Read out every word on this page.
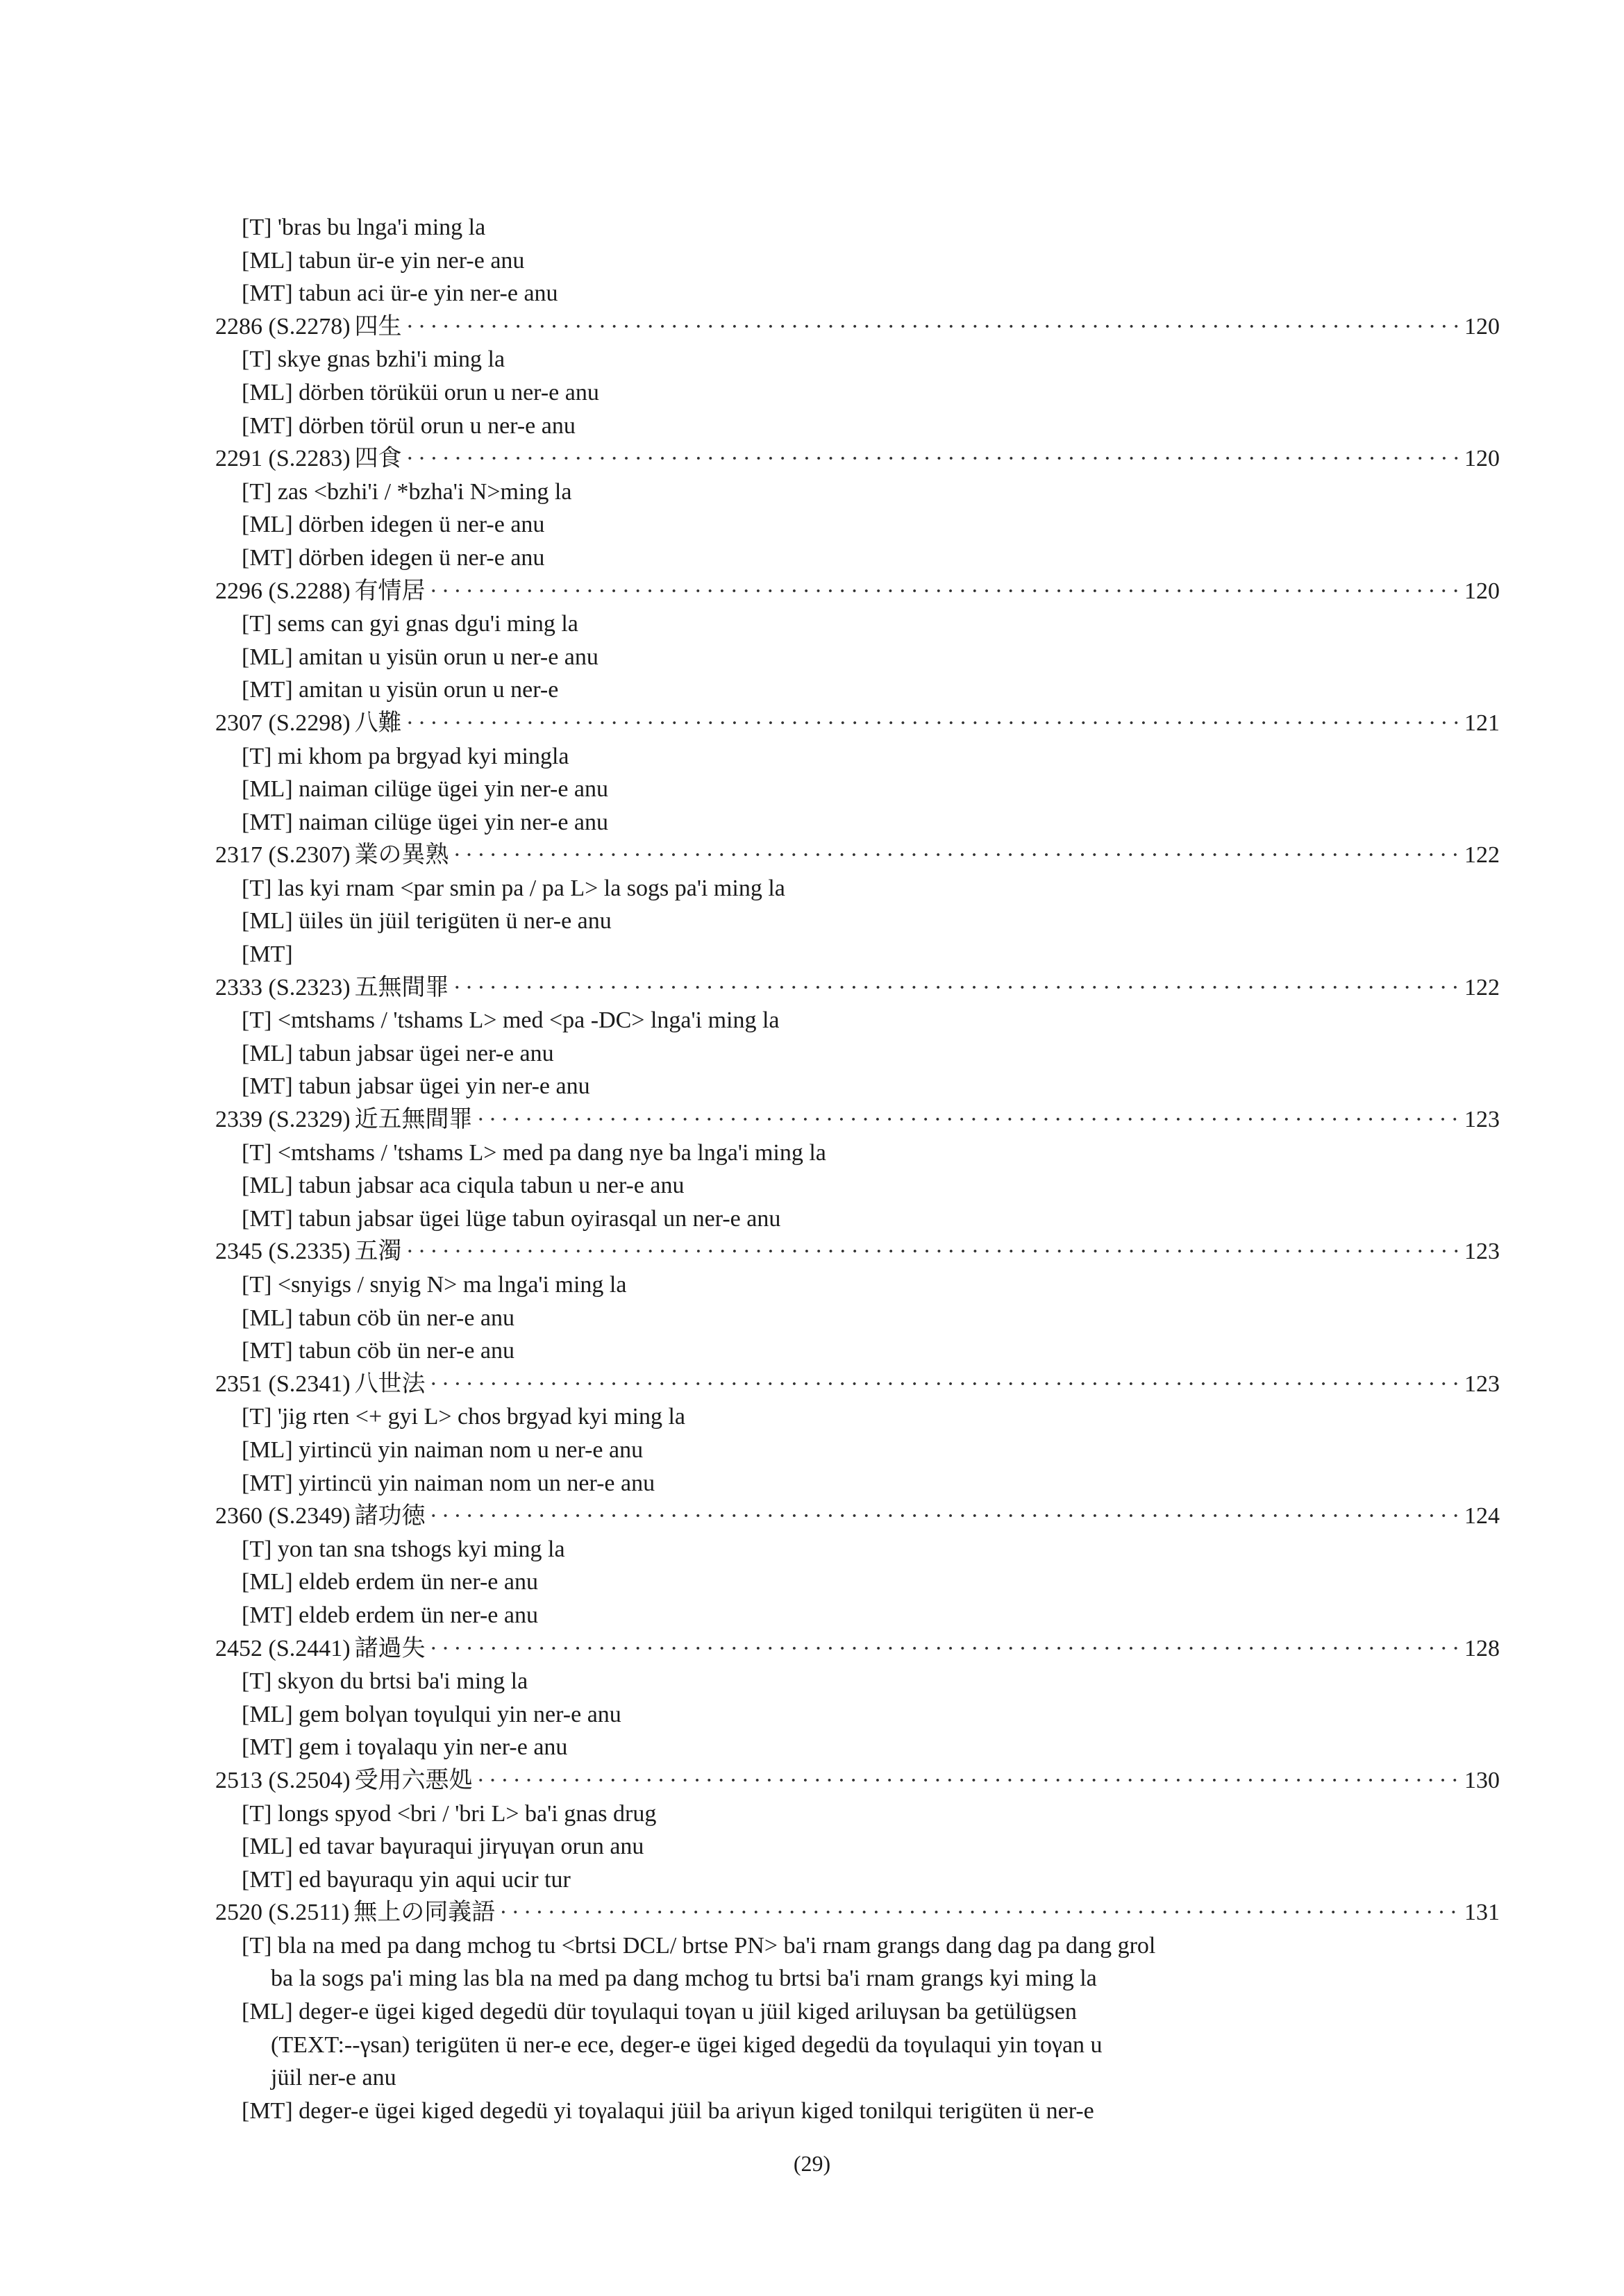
[T] 'bras bu lnga'i ming la
[ML] tabun ür-e yin ner-e anu
[MT] tabun aci ür-e yin ner-e anu
2286 (S.2278) 四生 ·····	120
[T] skye gnas bzhi'i ming la
[ML] dörben törüküi orun u ner-e anu
[MT] dörben törül orun u ner-e anu
2291 (S.2283) 四食 ·····	120
[T] zas <bzhi'i / *bzha'i N>ming la
[ML] dörben idegen ü ner-e anu
[MT] dörben idegen ü ner-e anu
2296 (S.2288) 有情居 ·····	120
[T] sems can gyi gnas dgu'i ming la
[ML] amitan u yisün orun u ner-e anu
[MT] amitan u yisün orun u ner-e
2307 (S.2298) 八難 ·····	121
[T] mi khom pa brgyad kyi mingla
[ML] naiman cilüge ügei yin ner-e anu
[MT] naiman cilüge ügei yin ner-e anu
2317 (S.2307) 業の異熟 ·····	122
[T] las kyi rnam <par smin pa / pa L> la sogs pa'i ming la
[ML] üiles ün jüil terigüten ü ner-e anu
[MT]
2333 (S.2323) 五無間罪 ·····	122
[T] <mtshams / 'tshams L> med <pa -DC> lnga'i ming la
[ML] tabun jabsar ügei ner-e anu
[MT] tabun jabsar ügei yin ner-e anu
2339 (S.2329) 近五無間罪 ·····	123
[T] <mtshams / 'tshams L> med pa dang nye ba lnga'i ming la
[ML] tabun jabsar aca ciqula tabun u ner-e anu
[MT] tabun jabsar ügei lüge tabun oyirasqal un ner-e anu
2345 (S.2335) 五濁 ·····	123
[T] <snyigs / snyig N> ma lnga'i ming la
[ML] tabun cöb ün ner-e anu
[MT] tabun cöb ün ner-e anu
2351 (S.2341) 八世法 ·····	123
[T] 'jig rten <+ gyi L> chos brgyad kyi ming la
[ML] yirtincü yin naiman nom u ner-e anu
[MT] yirtincü yin naiman nom un ner-e anu
2360 (S.2349) 諸功徳 ·····	124
[T] yon tan sna tshogs kyi ming la
[ML] eldeb erdem ün ner-e anu
[MT] eldeb erdem ün ner-e anu
2452 (S.2441) 諸過失 ·····	128
[T] skyon du brtsi ba'i ming la
[ML] gem bolγan toγulqui yin ner-e anu
[MT] gem i toγalaqu yin ner-e anu
2513 (S.2504) 受用六悪処 ·····	130
[T] longs spyod <bri / 'bri L> ba'i gnas drug
[ML] ed tavar baγuraqui jirγuγan orun anu
[MT] ed baγuraqu yin aqui ucir tur
2520 (S.2511) 無上の同義語 ·····	131
[T] bla na med pa dang mchog tu <brtsi DCL/ brtse PN> ba'i rnam grangs dang dag pa dang grol
ba la sogs pa'i ming las bla na med pa dang mchog tu brtsi ba'i rnam grangs kyi ming la
[ML] deger-e ügei kiged degedü dür toγulaqui toγan u jüil kiged ariluγsan ba getülügsen
(TEXT:--γsan) terigüten ü ner-e ece, deger-e ügei kiged degedü da toγulaqui yin toγan u
jüil ner-e anu
[MT] deger-e ügei kiged degedü yi toγalaqui jüil ba ariγun kiged tonilqui terigüten ü ner-e
(29)
